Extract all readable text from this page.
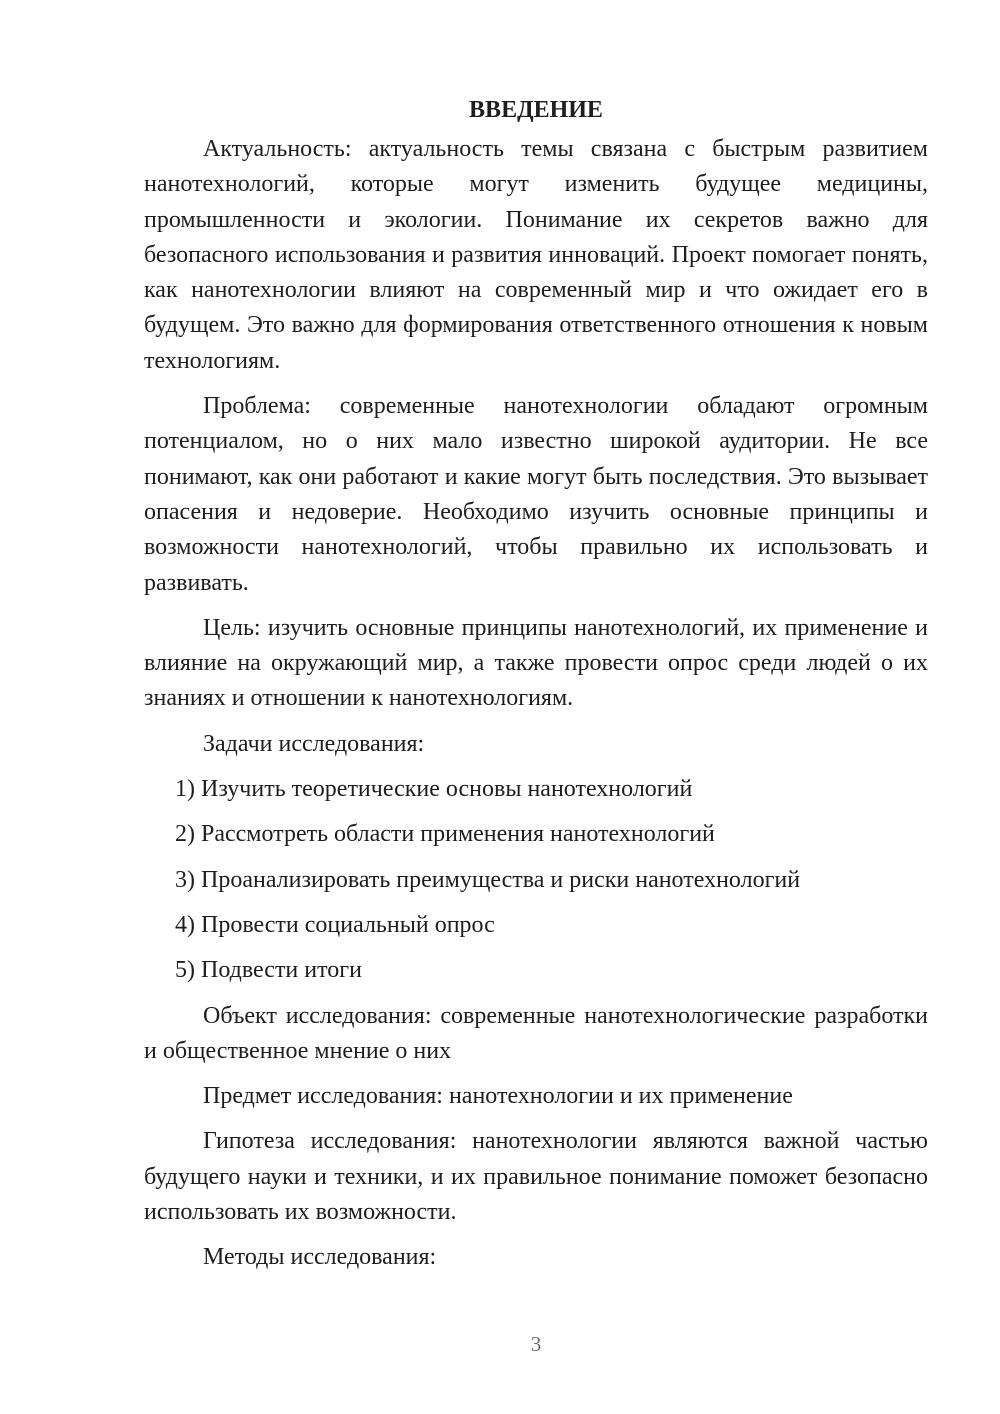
ВВЕДЕНИЕ

Актуальность: актуальность темы связана с быстрым развитием нанотехнологий, которые могут изменить будущее медицины, промышленности и экологии. Понимание их секретов важно для безопасного использования и развития инноваций. Проект помогает понять, как нанотехнологии влияют на современный мир и что ожидает его в будущем. Это важно для формирования ответственного отношения к новым технологиям.

Проблема: современные нанотехнологии обладают огромным потенциалом, но о них мало известно широкой аудитории. Не все понимают, как они работают и какие могут быть последствия. Это вызывает опасения и недоверие. Необходимо изучить основные принципы и возможности нанотехнологий, чтобы правильно их использовать и развивать.

Цель: изучить основные принципы нанотехнологий, их применение и влияние на окружающий мир, а также провести опрос среди людей о их знаниях и отношении к нанотехнологиям.

Задачи исследования:

1) Изучить теоретические основы нанотехнологий
2) Рассмотреть области применения нанотехнологий
3) Проанализировать преимущества и риски нанотехнологий
4) Провести социальный опрос
5) Подвести итоги

Объект исследования: современные нанотехнологические разработки и общественное мнение о них

Предмет исследования: нанотехнологии и их применение

Гипотеза исследования: нанотехнологии являются важной частью будущего науки и техники, и их правильное понимание поможет безопасно использовать их возможности.

Методы исследования:

3
